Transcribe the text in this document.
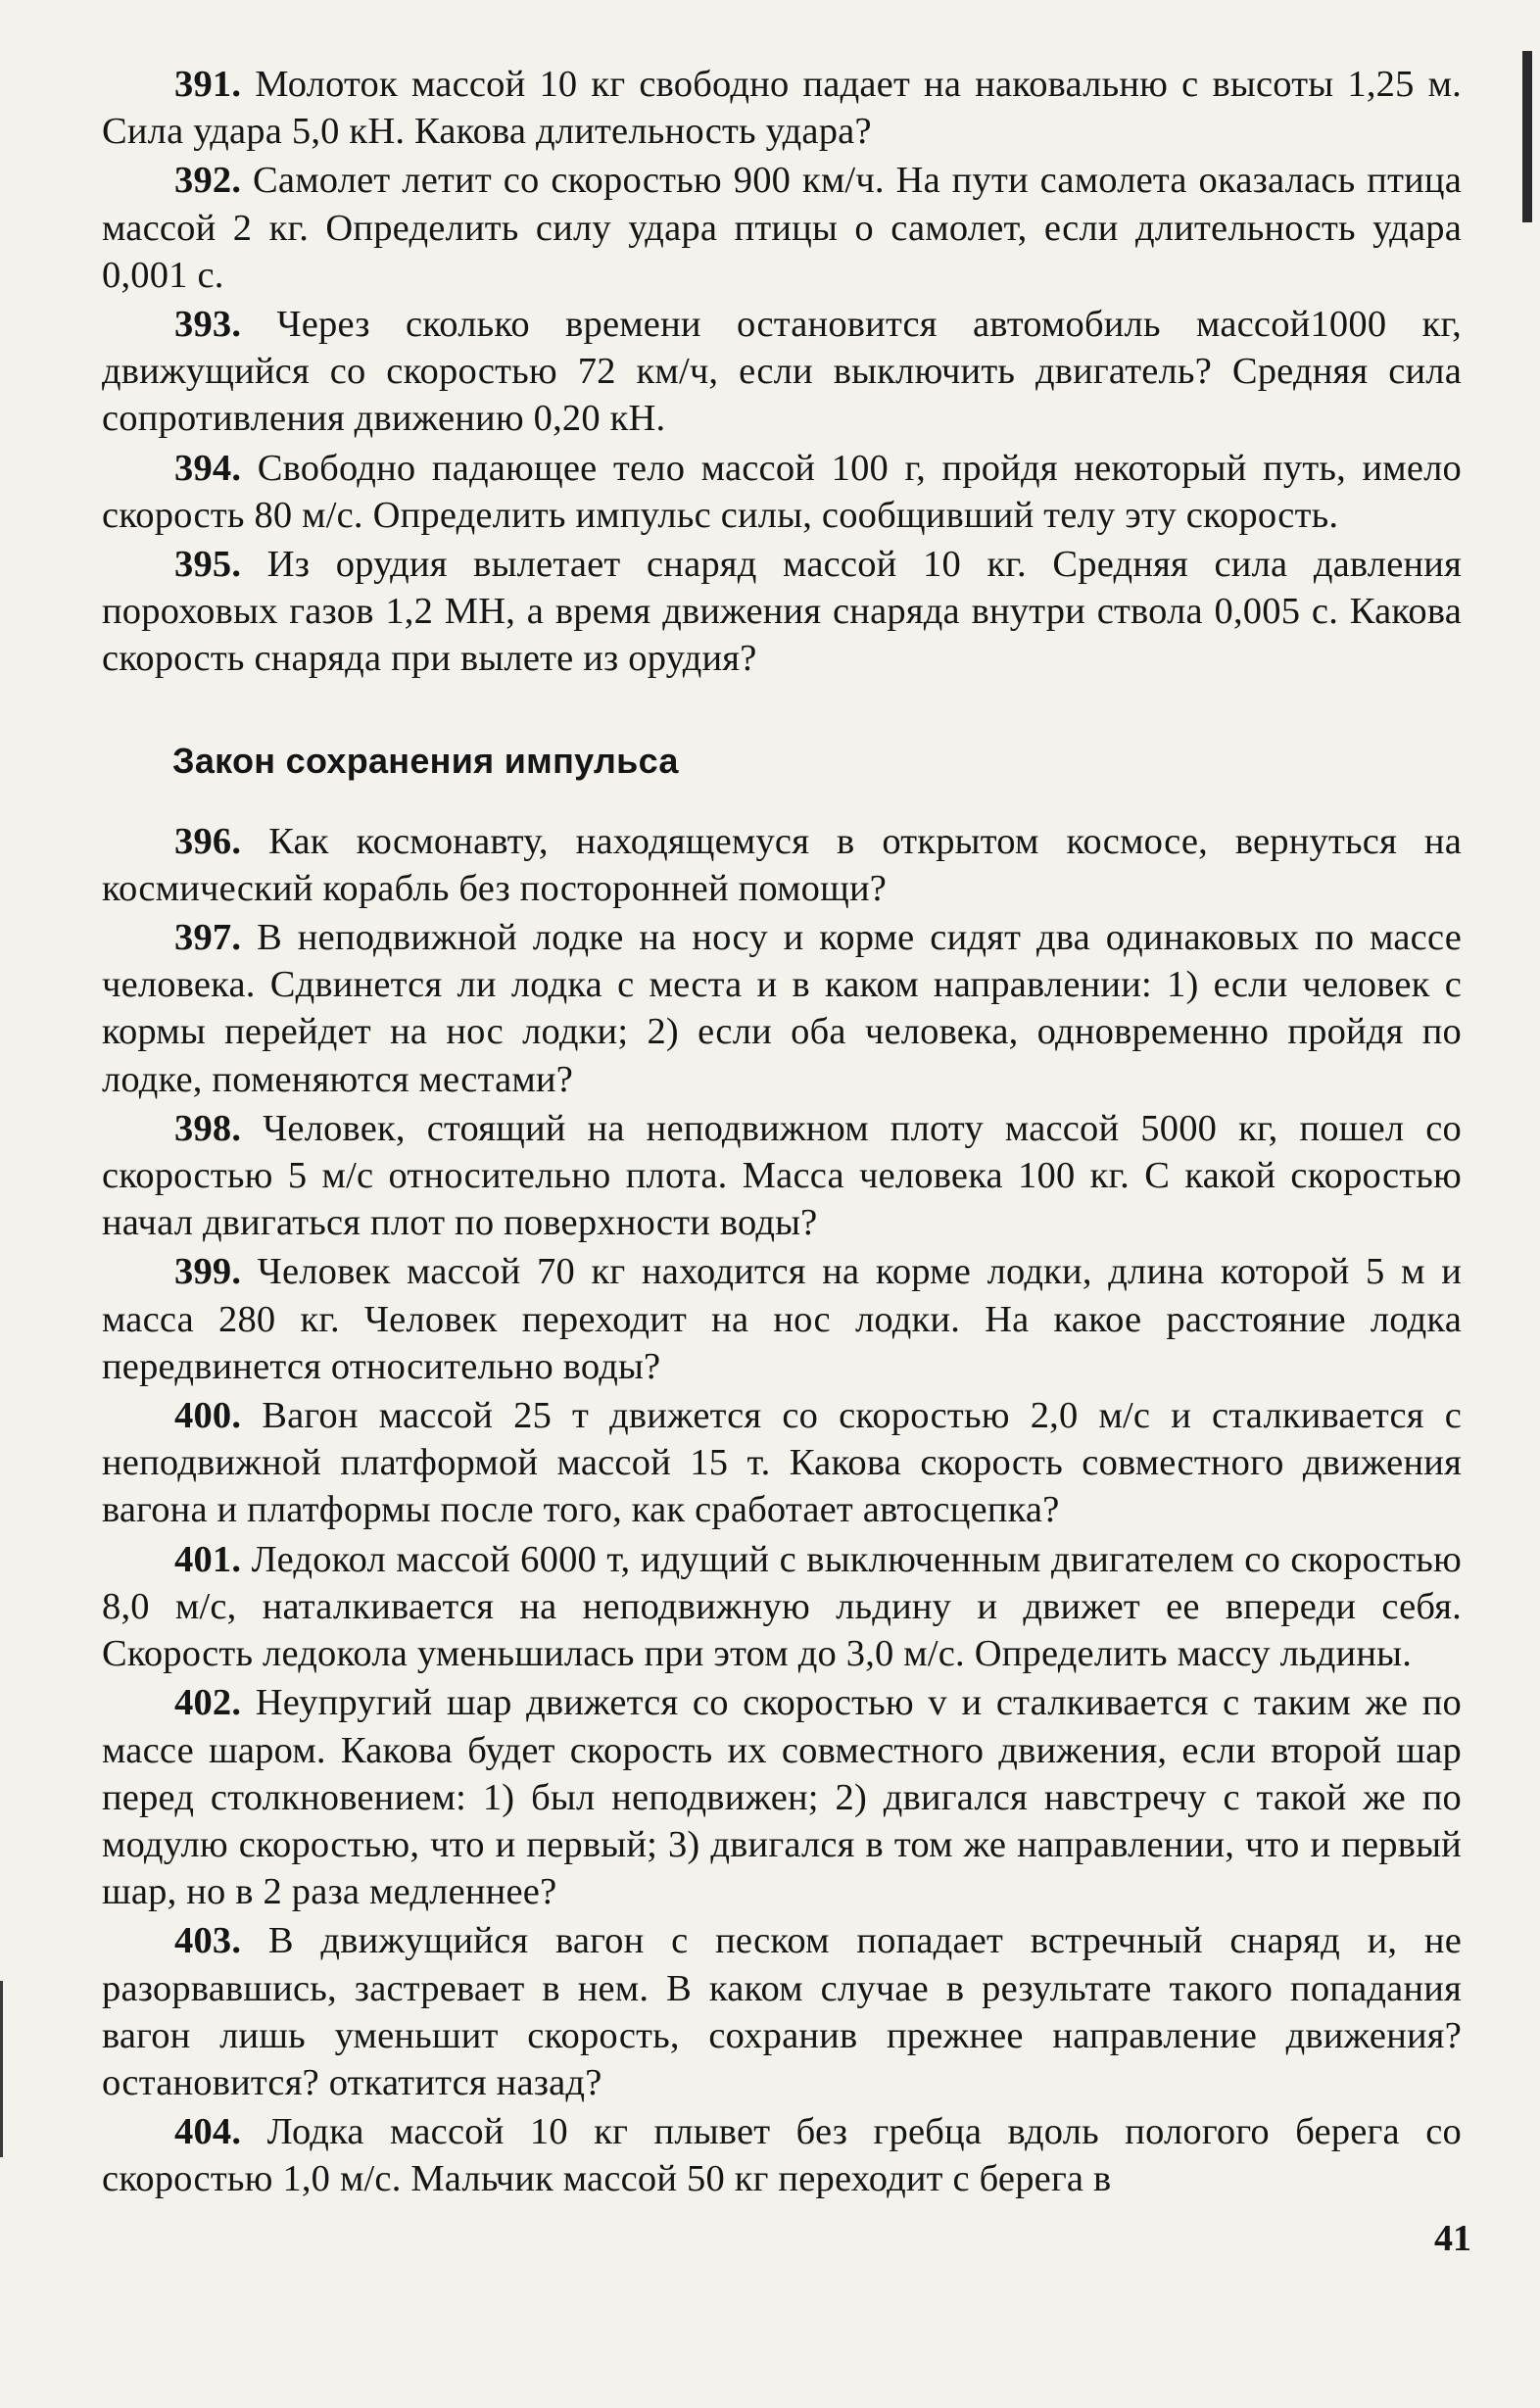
391. Молоток массой 10 кг свободно падает на наковальню с высоты 1,25 м. Сила удара 5,0 кН. Какова длительность удара?

392. Самолет летит со скоростью 900 км/ч. На пути самолета оказалась птица массой 2 кг. Определить силу удара птицы о самолет, если длительность удара 0,001 с.

393. Через сколько времени остановится автомобиль массой1000 кг, движущийся со скоростью 72 км/ч, если выключить двигатель? Средняя сила сопротивления движению 0,20 кН.

394. Свободно падающее тело массой 100 г, пройдя некоторый путь, имело скорость 80 м/с. Определить импульс силы, сообщивший телу эту скорость.

395. Из орудия вылетает снаряд массой 10 кг. Средняя сила давления пороховых газов 1,2 МН, а время движения снаряда внутри ствола 0,005 с. Какова скорость снаряда при вылете из орудия?

Закон сохранения импульса

396. Как космонавту, находящемуся в открытом космосе, вернуться на космический корабль без посторонней помощи?

397. В неподвижной лодке на носу и корме сидят два одинаковых по массе человека. Сдвинется ли лодка с места и в каком направлении: 1) если человек с кормы перейдет на нос лодки; 2) если оба человека, одновременно пройдя по лодке, поменяются местами?

398. Человек, стоящий на неподвижном плоту массой 5000 кг, пошел со скоростью 5 м/с относительно плота. Масса человека 100 кг. С какой скоростью начал двигаться плот по поверхности воды?

399. Человек массой 70 кг находится на корме лодки, длина которой 5 м и масса 280 кг. Человек переходит на нос лодки. На какое расстояние лодка передвинется относительно воды?

400. Вагон массой 25 т движется со скоростью 2,0 м/с и сталкивается с неподвижной платформой массой 15 т. Какова скорость совместного движения вагона и платформы после того, как сработает автосцепка?

401. Ледокол массой 6000 т, идущий с выключенным двигателем со скоростью 8,0 м/с, наталкивается на неподвижную льдину и движет ее впереди себя. Скорость ледокола уменьшилась при этом до 3,0 м/с. Определить массу льдины.

402. Неупругий шар движется со скоростью v и сталкивается с таким же по массе шаром. Какова будет скорость их совместного движения, если второй шар перед столкновением: 1) был неподвижен; 2) двигался навстречу с такой же по модулю скоростью, что и первый; 3) двигался в том же направлении, что и первый шар, но в 2 раза медленнее?

403. В движущийся вагон с песком попадает встречный снаряд и, не разорвавшись, застревает в нем. В каком случае в результате такого попадания вагон лишь уменьшит скорость, сохранив прежнее направление движения? остановится? откатится назад?

404. Лодка массой 10 кг плывет без гребца вдоль пологого берега со скоростью 1,0 м/с. Мальчик массой 50 кг переходит с берега в

41
